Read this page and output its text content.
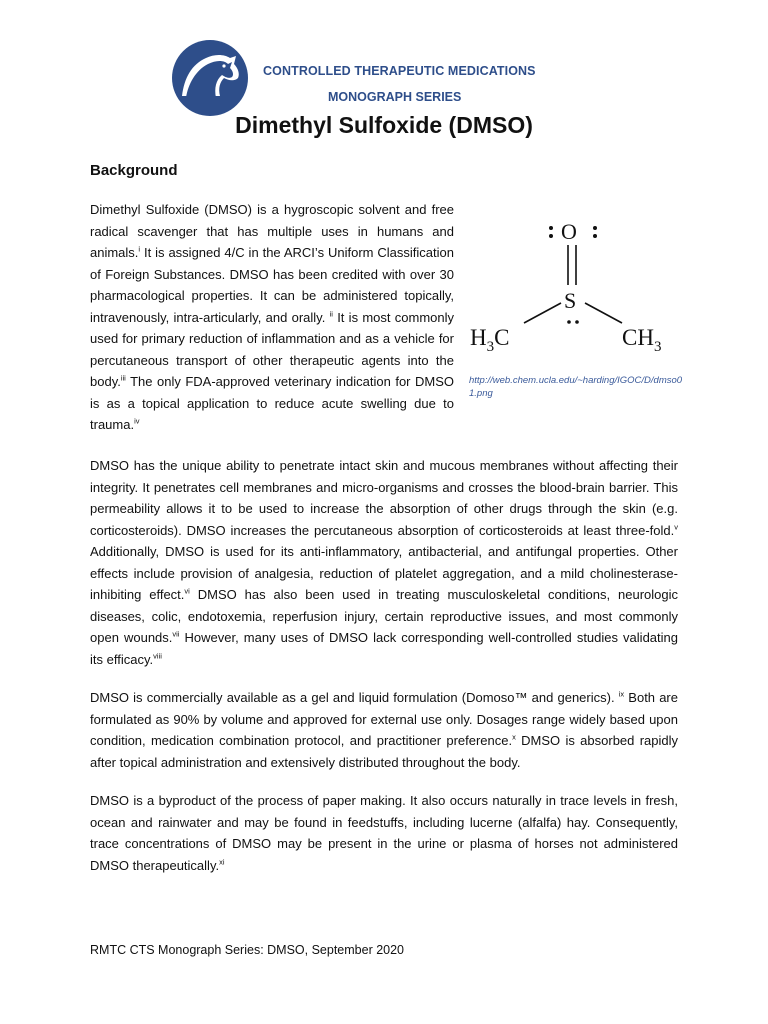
CONTROLLED THERAPEUTIC MEDICATIONS
MONOGRAPH SERIES
Dimethyl Sulfoxide (DMSO)
Background

Dimethyl Sulfoxide (DMSO) is a hygroscopic solvent and free radical scavenger that has multiple uses in humans and animals.$^i$ It is assigned 4/C in the ARCI’s Uniform Classification of Foreign Substances. DMSO has been credited with over 30 pharmacological properties. It can be administered topically, intravenously, intra-articularly, and orally. $^{ii}$ It is most commonly used for primary reduction of inflammation and as a vehicle for percutaneous transport of other therapeutic agents into the body.$^{iii}$ The only FDA-approved veterinary indication for DMSO is as a topical application to reduce acute swelling due to trauma.$^{iv}$

O
S
$H_3C$	$CH_3$
http://web.chem.ucla.edu/~harding/IGOC/D/dmso01.png

DMSO has the unique ability to penetrate intact skin and mucous membranes without affecting their integrity. It penetrates cell membranes and micro-organisms and crosses the blood-brain barrier. This permeability allows it to be used to increase the absorption of other drugs through the skin (e.g. corticosteroids). DMSO increases the percutaneous absorption of corticosteroids at least three-fold.$^v$ Additionally, DMSO is used for its anti-inflammatory, antibacterial, and antifungal properties. Other effects include provision of analgesia, reduction of platelet aggregation, and a mild cholinesterase-inhibiting effect.$^{vi}$ DMSO has also been used in treating musculoskeletal conditions, neurologic diseases, colic, endotoxemia, reperfusion injury, certain reproductive issues, and most commonly open wounds.$^{vii}$ However, many uses of DMSO lack corresponding well-controlled studies validating its efficacy.$^{viii}$

DMSO is commercially available as a gel and liquid formulation (Domoso™ and generics). $^{ix}$ Both are formulated as 90% by volume and approved for external use only. Dosages range widely based upon condition, medication combination protocol, and practitioner preference.$^x$ DMSO is absorbed rapidly after topical administration and extensively distributed throughout the body.

DMSO is a byproduct of the process of paper making. It also occurs naturally in trace levels in fresh, ocean and rainwater and may be found in feedstuffs, including lucerne (alfalfa) hay. Consequently, trace concentrations of DMSO may be present in the urine or plasma of horses not administered DMSO therapeutically.$^{xi}$

RMTC CTS Monograph Series: DMSO, September 2020
